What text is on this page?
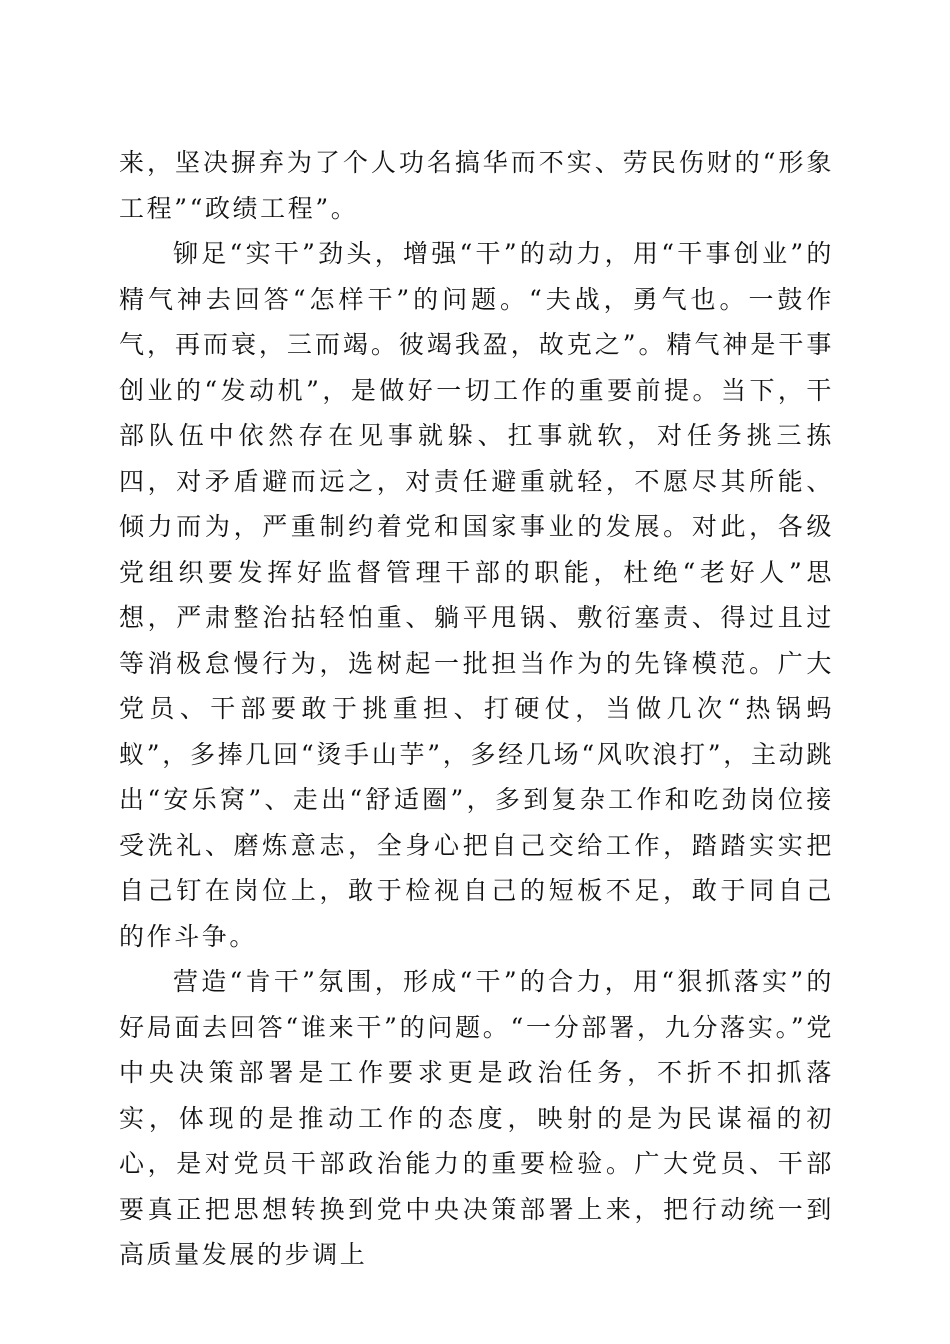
来，坚决摒弃为了个人功名搞华而不实、劳民伤财的“形象工程”“政绩工程”。

铆足“实干”劲头，增强“干”的动力，用“干事创业”的精气神去回答“怎样干”的问题。“夫战，勇气也。一鼓作气，再而衰，三而竭。彼竭我盈，故克之”。精气神是干事创业的“发动机”，是做好一切工作的重要前提。当下，干部队伍中依然存在见事就躲、扛事就软，对任务挑三拣四，对矛盾避而远之，对责任避重就轻，不愿尽其所能、倾力而为，严重制约着党和国家事业的发展。对此，各级党组织要发挥好监督管理干部的职能，杜绝“老好人”思想，严肃整治拈轻怕重、躺平甩锅、敷衍塞责、得过且过等消极怠慢行为，选树起一批担当作为的先锋模范。广大党员、干部要敢于挑重担、打硬仗，当做几次“热锅蚂蚁”，多捧几回“烫手山芋”，多经几场“风吹浪打”，主动跳出“安乐窝”、走出“舒适圈”，多到复杂工作和吃劲岗位接受洗礼、磨炼意志，全身心把自己交给工作，踏踏实实把自己钉在岗位上，敢于检视自己的短板不足，敢于同自己的作斗争。

营造“肯干”氛围，形成“干”的合力，用“狠抓落实”的好局面去回答“谁来干”的问题。“一分部署，九分落实。”党中央决策部署是工作要求更是政治任务，不折不扣抓落实，体现的是推动工作的态度，映射的是为民谋福的初心，是对党员干部政治能力的重要检验。广大党员、干部要真正把思想转换到党中央决策部署上来，把行动统一到高质量发展的步调上
